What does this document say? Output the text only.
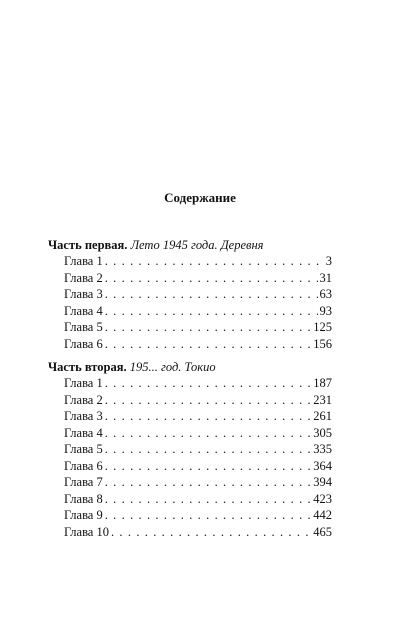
Содержание
Часть первая. Лето 1945 года. Деревня
Глава 1 . . .	3
Глава 2 . . .	31
Глава 3 . . .	63
Глава 4 . . .	93
Глава 5 . . .	125
Глава 6 . . .	156
Часть вторая. 195... год. Токио
Глава 1 . . .	187
Глава 2 . . .	231
Глава 3 . . .	261
Глава 4 . . .	305
Глава 5 . . .	335
Глава 6 . . .	364
Глава 7 . . .	394
Глава 8 . . .	423
Глава 9 . . .	442
Глава 10 . . .	465
